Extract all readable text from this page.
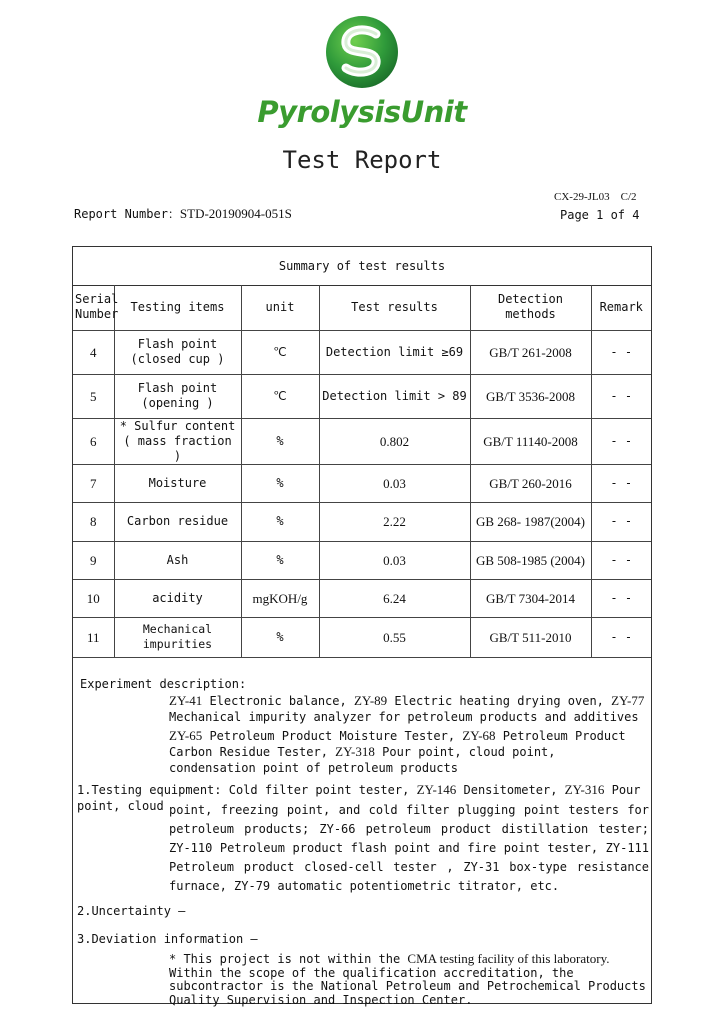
PyrolysisUnit
Test Report
CX-29-JL03    C/2
Page 1 of 4
Report Number：STD-20190904-051S
Summary of test results
Serial Number	Testing items	unit	Test results	Detection methods	Remark
4	Flash point (closed cup )	℃	Detection limit ≥69	GB/T 261-2008	- -
5	Flash point (opening )	℃	Detection limit > 89	GB/T 3536-2008	- -
6	* Sulfur content ( mass fraction )	%	0.802	GB/T 11140-2008	- -
7	Moisture	%	0.03	GB/T 260-2016	- -
8	Carbon residue	%	2.22	GB 268- 1987(2004)	- -
9	Ash	%	0.03	GB 508-1985 (2004)	- -
10	acidity	mgKOH/g	6.24	GB/T 7304-2014	- -
11	Mechanical impurities	%	0.55	GB/T 511-2010	- -
Experiment description:
ZY-41 Electronic balance, ZY-89 Electric heating drying oven, ZY-77 Mechanical impurity analyzer for petroleum products and additives
ZY-65 Petroleum Product Moisture Tester, ZY-68 Petroleum Product Carbon Residue Tester, ZY-318 Pour point, cloud point, condensation point of petroleum products
1.Testing equipment: Cold filter point tester, ZY-146 Densitometer, ZY-316 Pour point, cloud point, freezing point, and cold filter plugging point testers for petroleum products; ZY-66 petroleum product distillation tester; ZY-110 Petroleum product flash point and fire point tester, ZY-111 Petroleum product closed-cell tester , ZY-31 box-type resistance furnace, ZY-79 automatic potentiometric titrator, etc.
2.Uncertainty —
3.Deviation information —
* This project is not within the CMA testing facility of this laboratory. Within the scope of the qualification accreditation, the subcontractor is the National Petroleum and Petrochemical Products Quality Supervision and Inspection Center.
